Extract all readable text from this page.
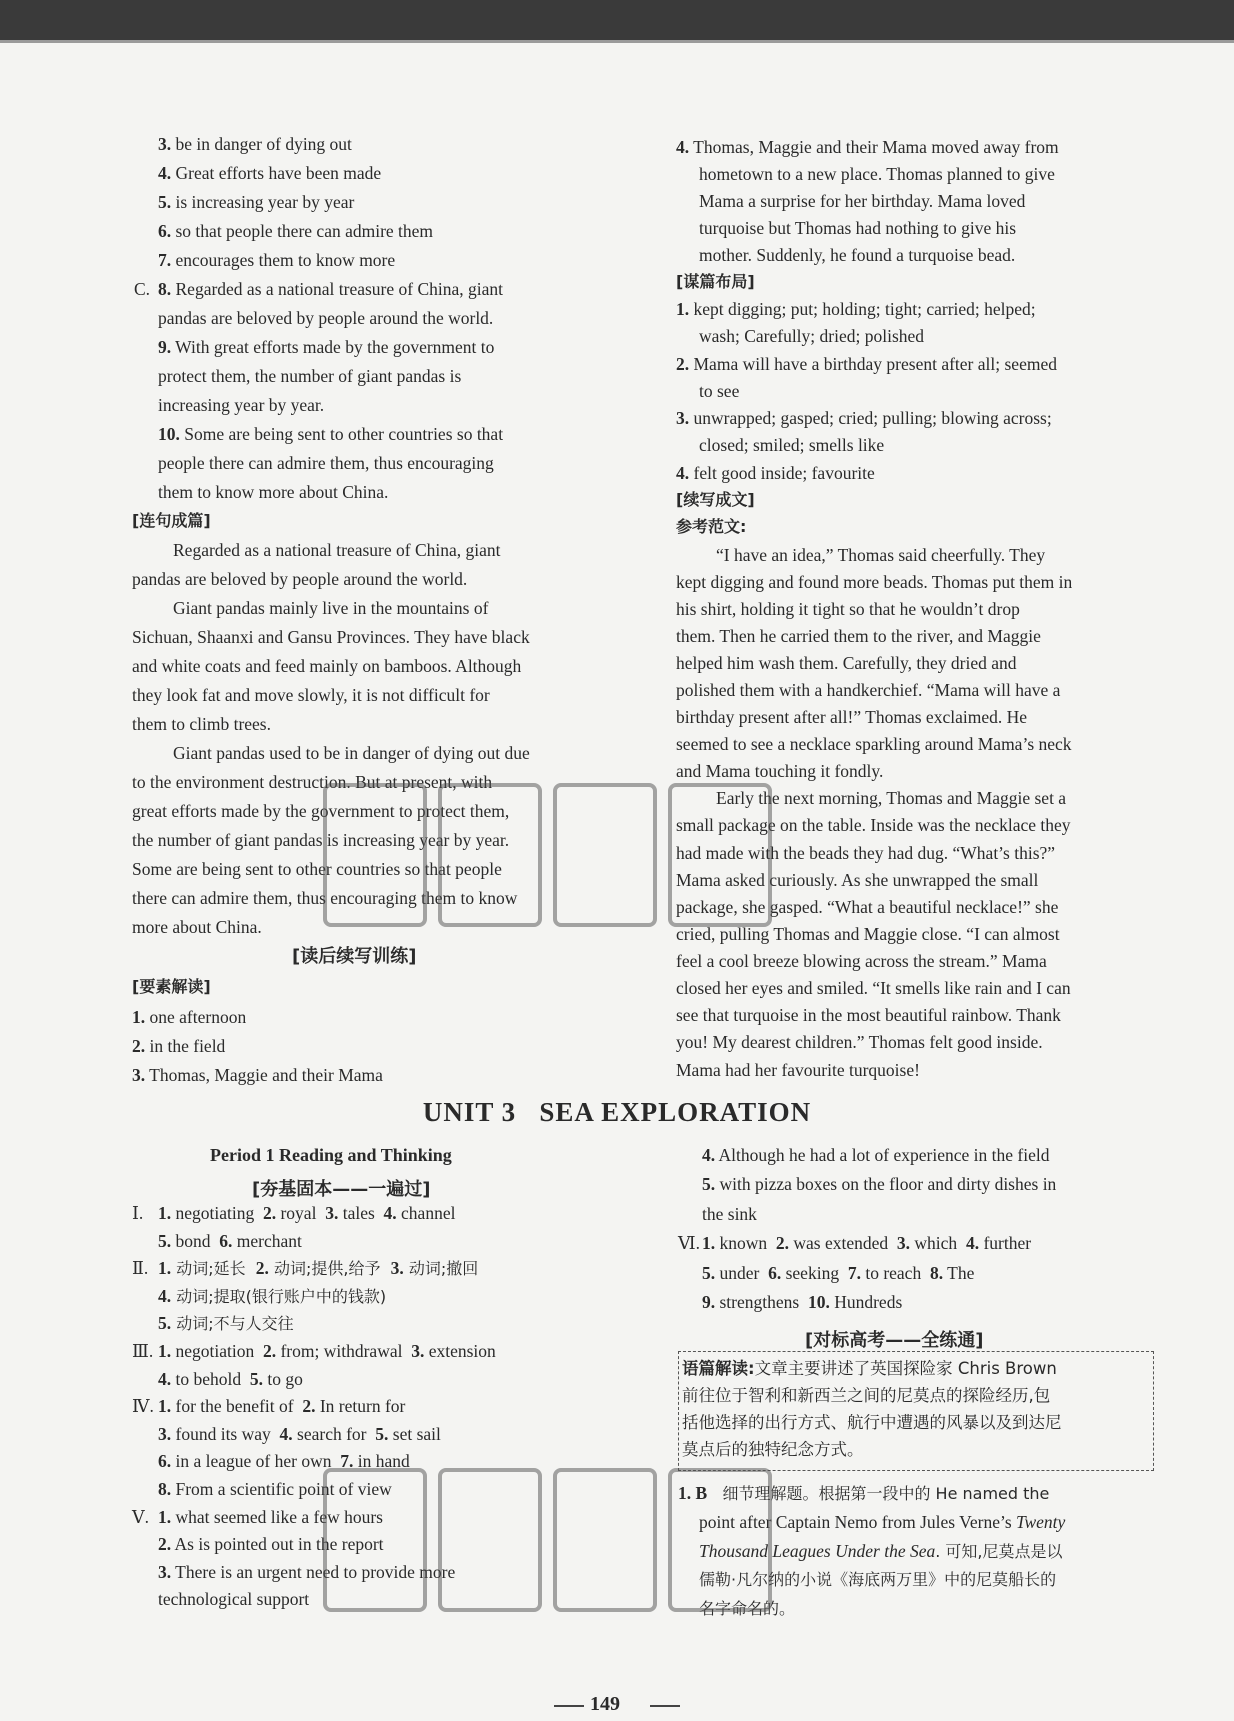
3. be in danger of dying out
4. Great efforts have been made
5. is increasing year by year
6. so that people there can admire them
7. encourages them to know more
C. 8. Regarded as a national treasure of China, giant
pandas are beloved by people around the world.
9. With great efforts made by the government to
protect them, the number of giant pandas is
increasing year by year.
10. Some are being sent to other countries so that
people there can admire them, thus encouraging
them to know more about China.
[连句成篇]
Regarded as a national treasure of China, giant
pandas are beloved by people around the world.
Giant pandas mainly live in the mountains of
Sichuan, Shaanxi and Gansu Provinces. They have black
and white coats and feed mainly on bamboos. Although
they look fat and move slowly, it is not difficult for
them to climb trees.
Giant pandas used to be in danger of dying out due
to the environment destruction. But at present, with
great efforts made by the government to protect them,
the number of giant pandas is increasing year by year.
Some are being sent to other countries so that people
there can admire them, thus encouraging them to know
more about China.
[读后续写训练]
[要素解读]
1. one afternoon
2. in the field
3. Thomas, Maggie and their Mama
4. Thomas, Maggie and their Mama moved away from
hometown to a new place. Thomas planned to give
Mama a surprise for her birthday. Mama loved
turquoise but Thomas had nothing to give his
mother. Suddenly, he found a turquoise bead.
[谋篇布局]
1. kept digging; put; holding; tight; carried; helped;
wash; Carefully; dried; polished
2. Mama will have a birthday present after all; seemed
to see
3. unwrapped; gasped; cried; pulling; blowing across;
closed; smiled; smells like
4. felt good inside; favourite
[续写成文]
参考范文:
“I have an idea,” Thomas said cheerfully. They
kept digging and found more beads. Thomas put them in
his shirt, holding it tight so that he wouldn’t drop
them. Then he carried them to the river, and Maggie
helped him wash them. Carefully, they dried and
polished them with a handkerchief. “Mama will have a
birthday present after all!” Thomas exclaimed. He
seemed to see a necklace sparkling around Mama’s neck
and Mama touching it fondly.
Early the next morning, Thomas and Maggie set a
small package on the table. Inside was the necklace they
had made with the beads they had dug. “What’s this?”
Mama asked curiously. As she unwrapped the small
package, she gasped. “What a beautiful necklace!” she
cried, pulling Thomas and Maggie close. “I can almost
feel a cool breeze blowing across the stream.” Mama
closed her eyes and smiled. “It smells like rain and I can
see that turquoise in the most beautiful rainbow. Thank
you! My dearest children.” Thomas felt good inside.
Mama had her favourite turquoise!
UNIT 3   SEA EXPLORATION
Period 1 Reading and Thinking
[夯基固本——一遍过]
Ⅰ. 1. negotiating  2. royal  3. tales  4. channel
5. bond  6. merchant
Ⅱ. 1. 动词;延长  2. 动词;提供,给予  3. 动词;撤回
4. 动词;提取(银行账户中的钱款)
5. 动词;不与人交往
Ⅲ. 1. negotiation  2. from; withdrawal  3. extension
4. to behold  5. to go
Ⅳ. 1. for the benefit of  2. In return for
3. found its way  4. search for  5. set sail
6. in a league of her own  7. in hand
8. From a scientific point of view
Ⅴ. 1. what seemed like a few hours
2. As is pointed out in the report
3. There is an urgent need to provide more
technological support
4. Although he had a lot of experience in the field
5. with pizza boxes on the floor and dirty dishes in
the sink
Ⅵ. 1. known  2. was extended  3. which  4. further
5. under  6. seeking  7. to reach  8. The
9. strengthens  10. Hundreds
[对标高考——全练通]
语篇解读:文章主要讲述了英国探险家 Chris Brown
前往位于智利和新西兰之间的尼莫点的探险经历,包
括他选择的出行方式、航行中遭遇的风暴以及到达尼
莫点后的独特纪念方式。
1. B   细节理解题。根据第一段中的 He named the
point after Captain Nemo from Jules Verne’s Twenty
Thousand Leagues Under the Sea. 可知,尼莫点是以
儒勒·凡尔纳的小说《海底两万里》中的尼莫船长的
名字命名的。
149
